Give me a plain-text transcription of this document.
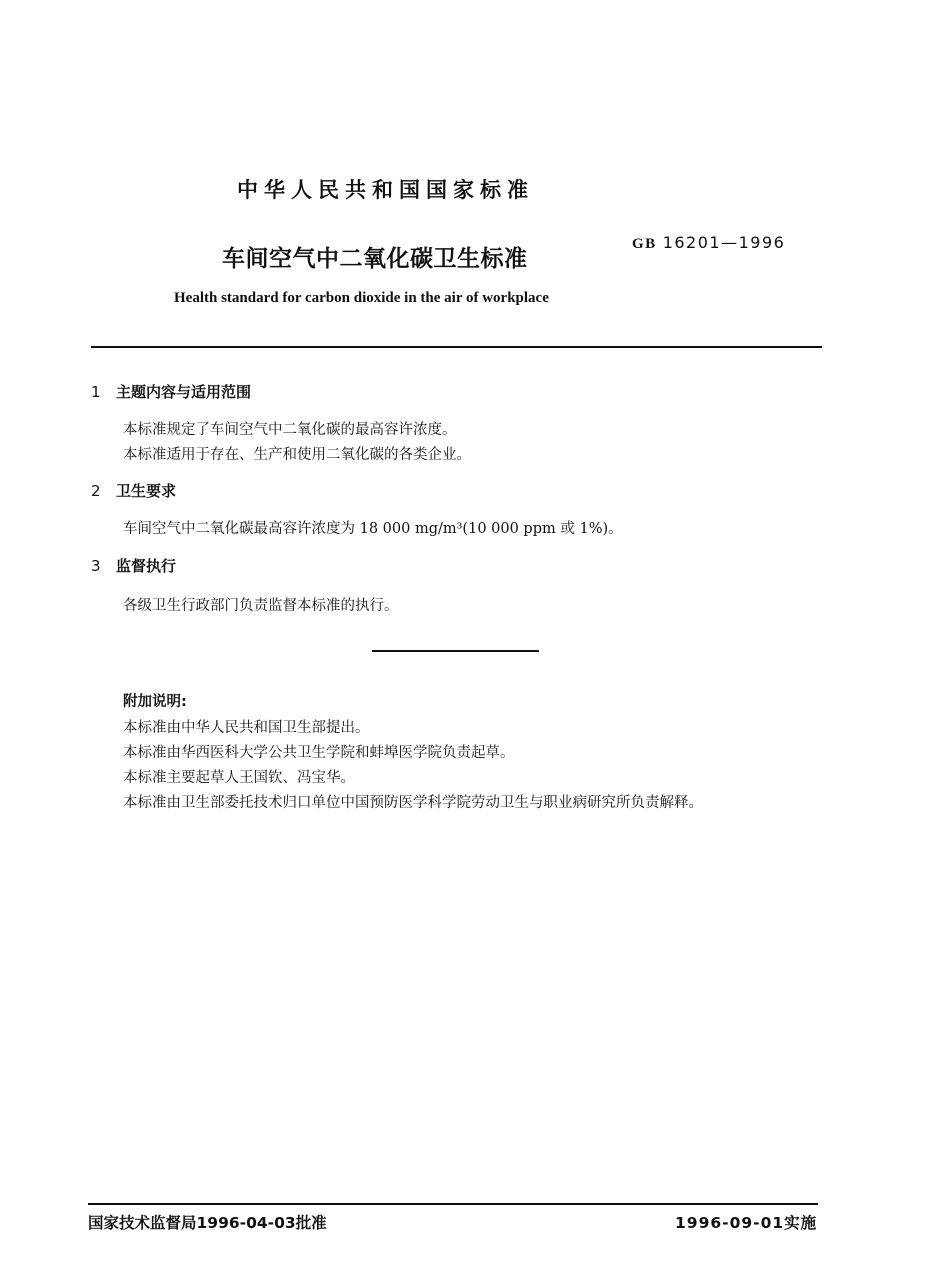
中华人民共和国国家标准
车间空气中二氧化碳卫生标准
GB 16201—1996
Health standard for carbon dioxide in the air of workplace
1 主题内容与适用范围
本标准规定了车间空气中二氧化碳的最高容许浓度。
本标准适用于存在、生产和使用二氧化碳的各类企业。
2 卫生要求
车间空气中二氧化碳最高容许浓度为 18 000 mg/m³(10 000 ppm 或 1%)。
3 监督执行
各级卫生行政部门负责监督本标准的执行。
附加说明:
本标准由中华人民共和国卫生部提出。
本标准由华西医科大学公共卫生学院和蚌埠医学院负责起草。
本标准主要起草人王国钦、冯宝华。
本标准由卫生部委托技术归口单位中国预防医学科学院劳动卫生与职业病研究所负责解释。
国家技术监督局1996-04-03批准	1996-09-01实施
